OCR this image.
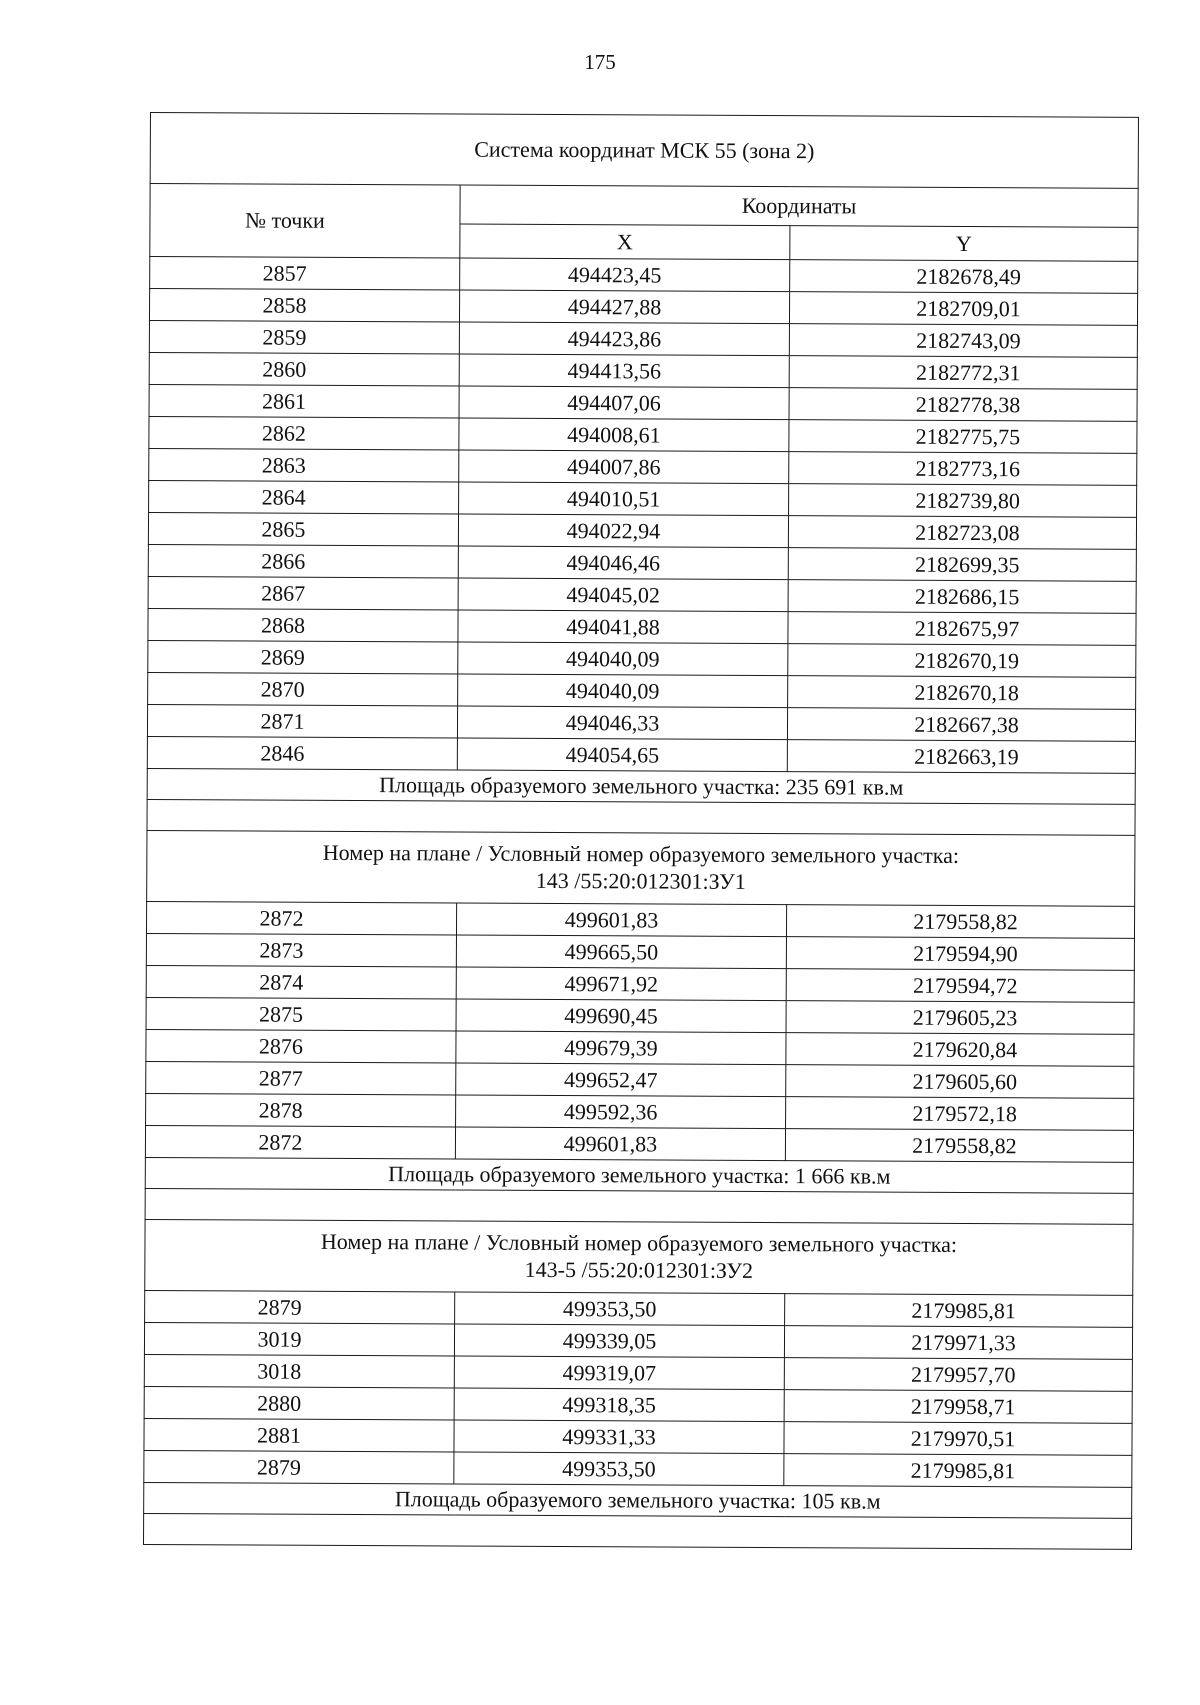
175
Система координат МСК 55 (зона 2)		
№ точки	Координаты	
	X	Y
2857	494423,45	2182678,49
2858	494427,88	2182709,01
2859	494423,86	2182743,09
2860	494413,56	2182772,31
2861	494407,06	2182778,38
2862	494008,61	2182775,75
2863	494007,86	2182773,16
2864	494010,51	2182739,80
2865	494022,94	2182723,08
2866	494046,46	2182699,35
2867	494045,02	2182686,15
2868	494041,88	2182675,97
2869	494040,09	2182670,19
2870	494040,09	2182670,18
2871	494046,33	2182667,38
2846	494054,65	2182663,19
Площадь образуемого земельного участка: 235 691 кв.м		

Номер на плане / Условный номер образуемого земельного участка:
143 /55:20:012301:ЗУ1		

2872	499601,83	2179558,82
2873	499665,50	2179594,90
2874	499671,92	2179594,72
2875	499690,45	2179605,23
2876	499679,39	2179620,84
2877	499652,47	2179605,60
2878	499592,36	2179572,18
2872	499601,83	2179558,82
Площадь образуемого земельного участка: 1 666 кв.м		

Номер на плане / Условный номер образуемого земельного участка:
143-5 /55:20:012301:ЗУ2		

2879	499353,50	2179985,81
3019	499339,05	2179971,33
3018	499319,07	2179957,70
2880	499318,35	2179958,71
2881	499331,33	2179970,51
2879	499353,50	2179985,81
Площадь образуемого земельного участка: 105 кв.м		
